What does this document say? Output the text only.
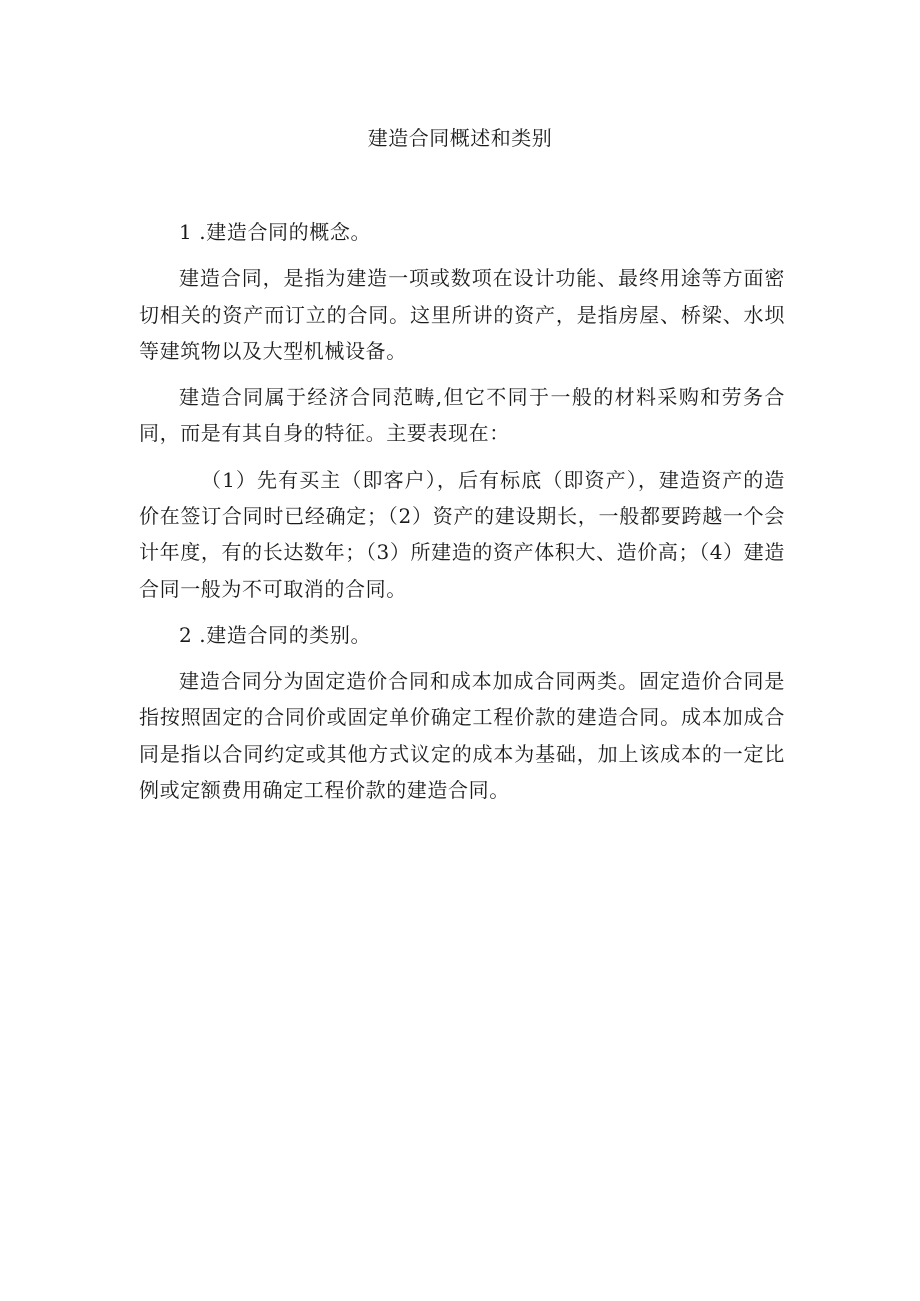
建造合同概述和类别

1 .建造合同的概念。

建造合同，是指为建造一项或数项在设计功能、最终用途等方面密切相关的资产而订立的合同。这里所讲的资产，是指房屋、桥梁、水坝等建筑物以及大型机械设备。

建造合同属于经济合同范畴,但它不同于一般的材料采购和劳务合同，而是有其自身的特征。主要表现在：

（1）先有买主（即客户），后有标底（即资产），建造资产的造价在签订合同时已经确定；（2）资产的建设期长，一般都要跨越一个会计年度，有的长达数年；（3）所建造的资产体积大、造价高；（4）建造合同一般为不可取消的合同。

2 .建造合同的类别。

建造合同分为固定造价合同和成本加成合同两类。固定造价合同是指按照固定的合同价或固定单价确定工程价款的建造合同。成本加成合同是指以合同约定或其他方式议定的成本为基础，加上该成本的一定比例或定额费用确定工程价款的建造合同。
